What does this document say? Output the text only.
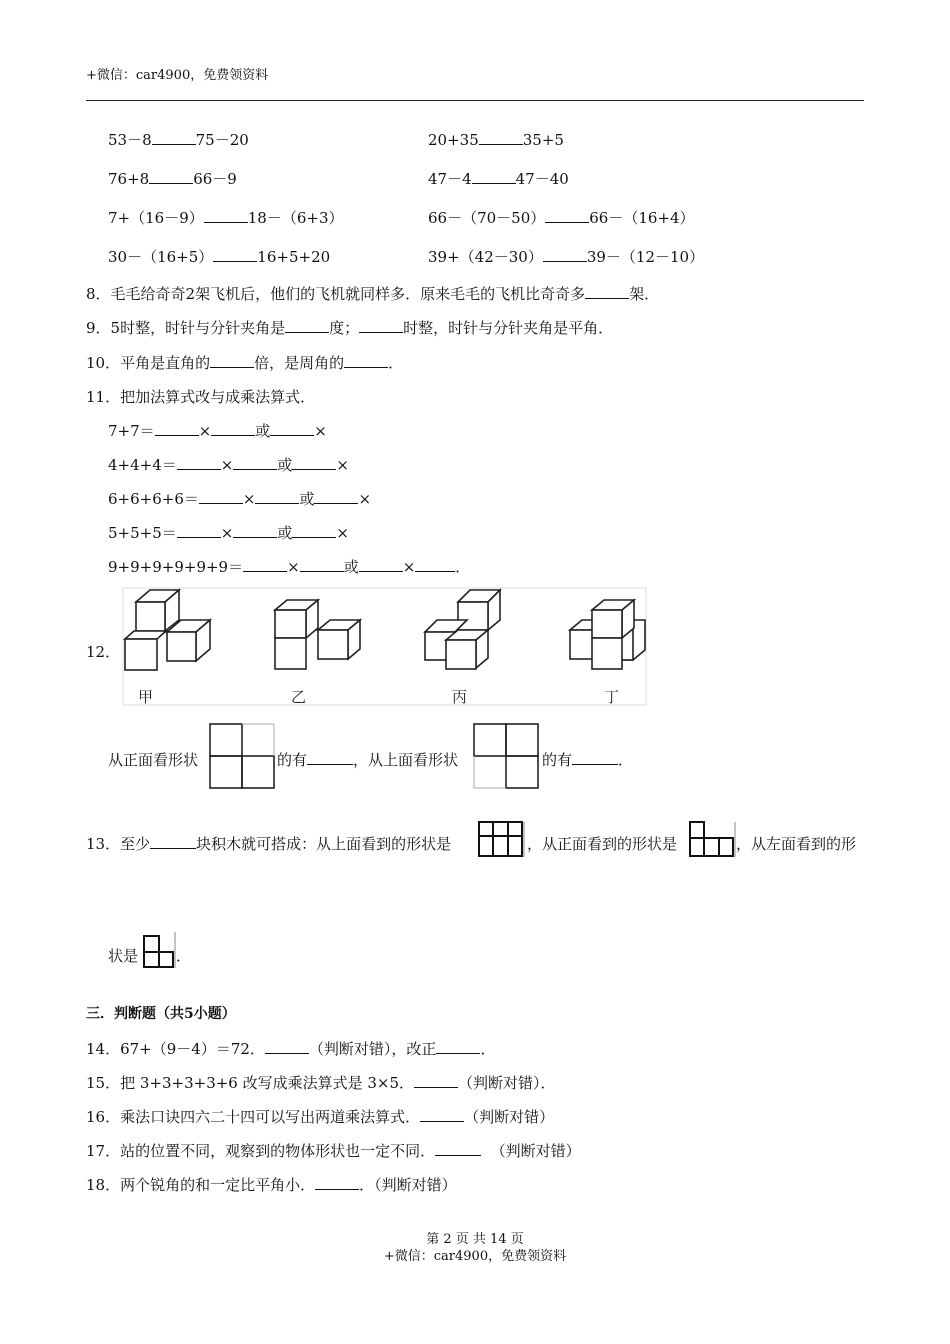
+微信：car4900，免费领资料
53－8	75－20	20+35	35+5
76+8	66－9	47－4	47－40
7+（16－9）	18－（6+3）	66－（70－50）	66－（16+4）
30－（16+5）	16+5+20	39+（42－30）	39－（12－10）
8．毛毛给奇奇2架飞机后，他们的飞机就同样多．原来毛毛的飞机比奇奇多	架．
9．5时整，时针与分针夹角是	度；	时整，时针与分针夹角是平角．
10．平角是直角的	倍，是周角的	．
11．把加法算式改与成乘法算式．
7+7＝	×	或	×
4+4+4＝	×	或	×
6+6+6+6＝	×	或	×
5+5+5＝	×	或	×
9+9+9+9+9+9＝	×	或	×	．
12．
甲	乙	丙	丁
从正面看形状	的有	，从上面看形状	的有	．
13．至少	块积木就可搭成：从上面看到的形状是	，从正面看到的形状是	，从左面看到的形
状是	．
三．判断题（共5小题）
14．67+（9－4）＝72．	（判断对错），改正	．
15．把 3+3+3+3+6 改写成乘法算式是 3×5．	（判断对错）．
16．乘法口诀四六二十四可以写出两道乘法算式．	（判断对错）
17．站的位置不同，观察到的物体形状也一定不同．	（判断对错）
18．两个锐角的和一定比平角小．	．（判断对错）
第 2 页 共 14 页
+微信：car4900，免费领资料
